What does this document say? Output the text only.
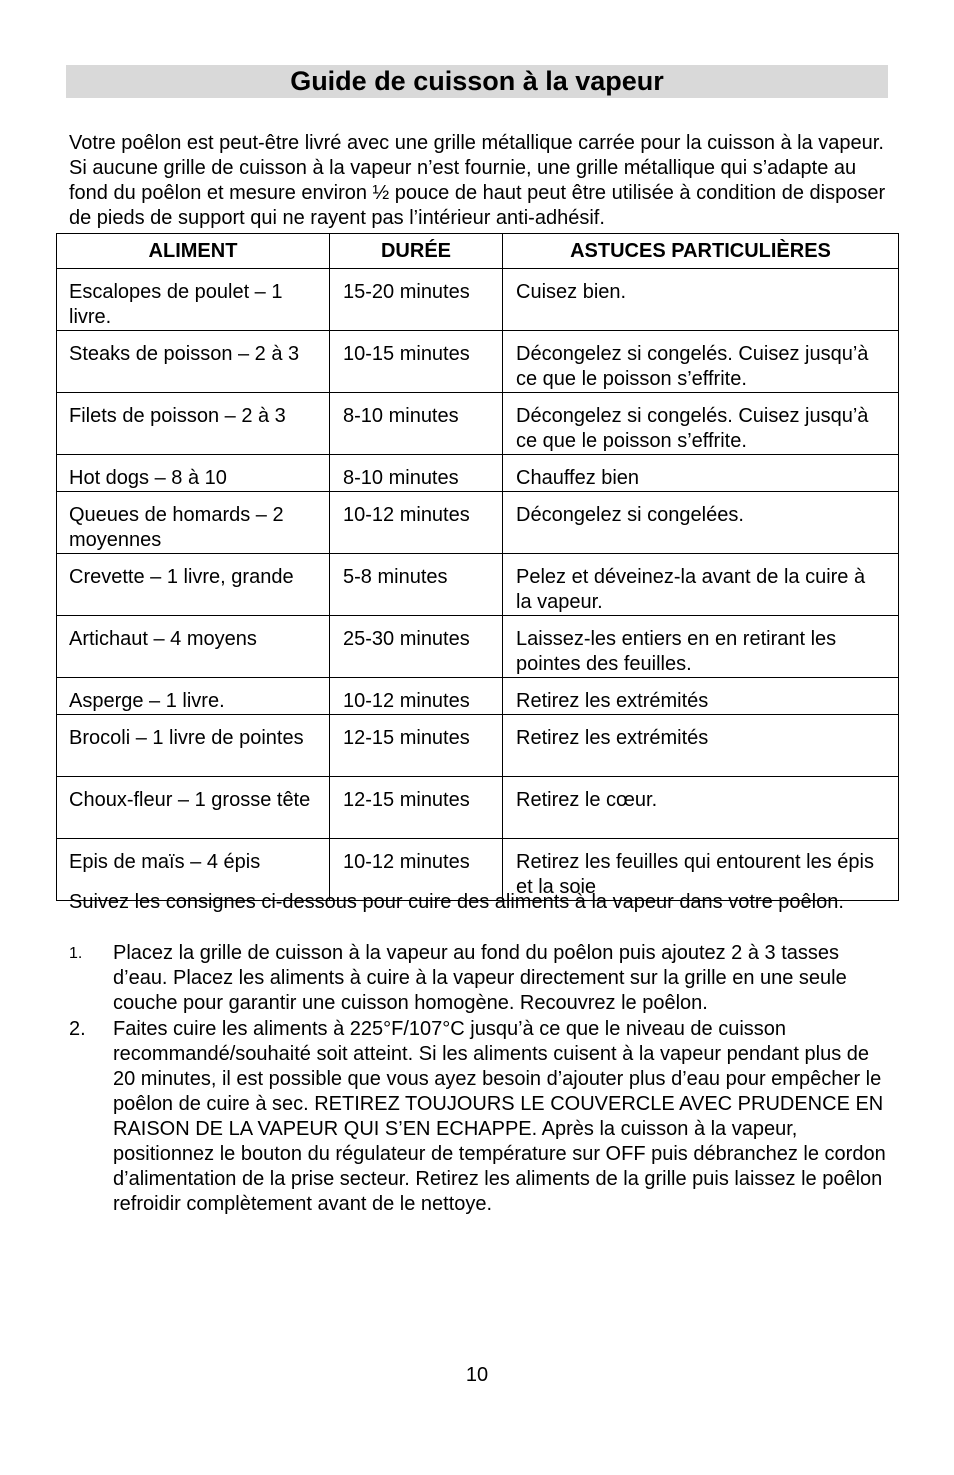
Guide de cuisson à la vapeur

Votre poêlon est peut-être livré avec une grille métallique carrée pour la cuisson à la vapeur. Si aucune grille de cuisson à la vapeur n’est fournie, une grille métallique qui s’adapte au fond du poêlon et mesure environ ½ pouce de haut peut être utilisée à condition de disposer de pieds de support qui ne rayent pas l’intérieur anti-adhésif.

ALIMENT	DURÉE	ASTUCES PARTICULIÈRES
Escalopes de poulet – 1 livre.	15-20 minutes	Cuisez bien.
Steaks de poisson – 2 à 3	10-15 minutes	Décongelez si congelés. Cuisez jusqu’à ce que le poisson s’effrite.
Filets de poisson – 2 à 3	8-10 minutes	Décongelez si congelés. Cuisez jusqu’à ce que le poisson s’effrite.
Hot dogs – 8 à 10	8-10 minutes	Chauffez bien
Queues de homards – 2 moyennes	10-12 minutes	Décongelez si congelées.
Crevette – 1 livre, grande	5-8 minutes	Pelez et déveinez-la avant de la cuire à la vapeur.
Artichaut – 4 moyens	25-30 minutes	Laissez-les entiers en en retirant les pointes des feuilles.
Asperge – 1 livre.	10-12 minutes	Retirez les extrémités
Brocoli – 1 livre de pointes	12-15 minutes	Retirez les extrémités
Choux-fleur – 1 grosse tête	12-15 minutes	Retirez le cœur.
Epis de maïs – 4 épis	10-12 minutes	Retirez les feuilles qui entourent les épis et la soie

Suivez les consignes ci-dessous pour cuire des aliments à la vapeur dans votre poêlon.

1. Placez la grille de cuisson à la vapeur au fond du poêlon puis ajoutez 2 à 3 tasses d’eau. Placez les aliments à cuire à la vapeur directement sur la grille en une seule couche pour garantir une cuisson homogène. Recouvrez le poêlon.
2. Faites cuire les aliments à 225°F/107°C jusqu’à ce que le niveau de cuisson recommandé/souhaité soit atteint. Si les aliments cuisent à la vapeur pendant plus de 20 minutes, il est possible que vous ayez besoin d’ajouter plus d’eau pour empêcher le poêlon de cuire à sec. RETIREZ TOUJOURS LE COUVERCLE AVEC PRUDENCE EN RAISON DE LA VAPEUR QUI S’EN ECHAPPE. Après la cuisson à la vapeur, positionnez le bouton du régulateur de température sur OFF puis débranchez le cordon d’alimentation de la prise secteur. Retirez les aliments de la grille puis laissez le poêlon refroidir complètement avant de le nettoye.
10
